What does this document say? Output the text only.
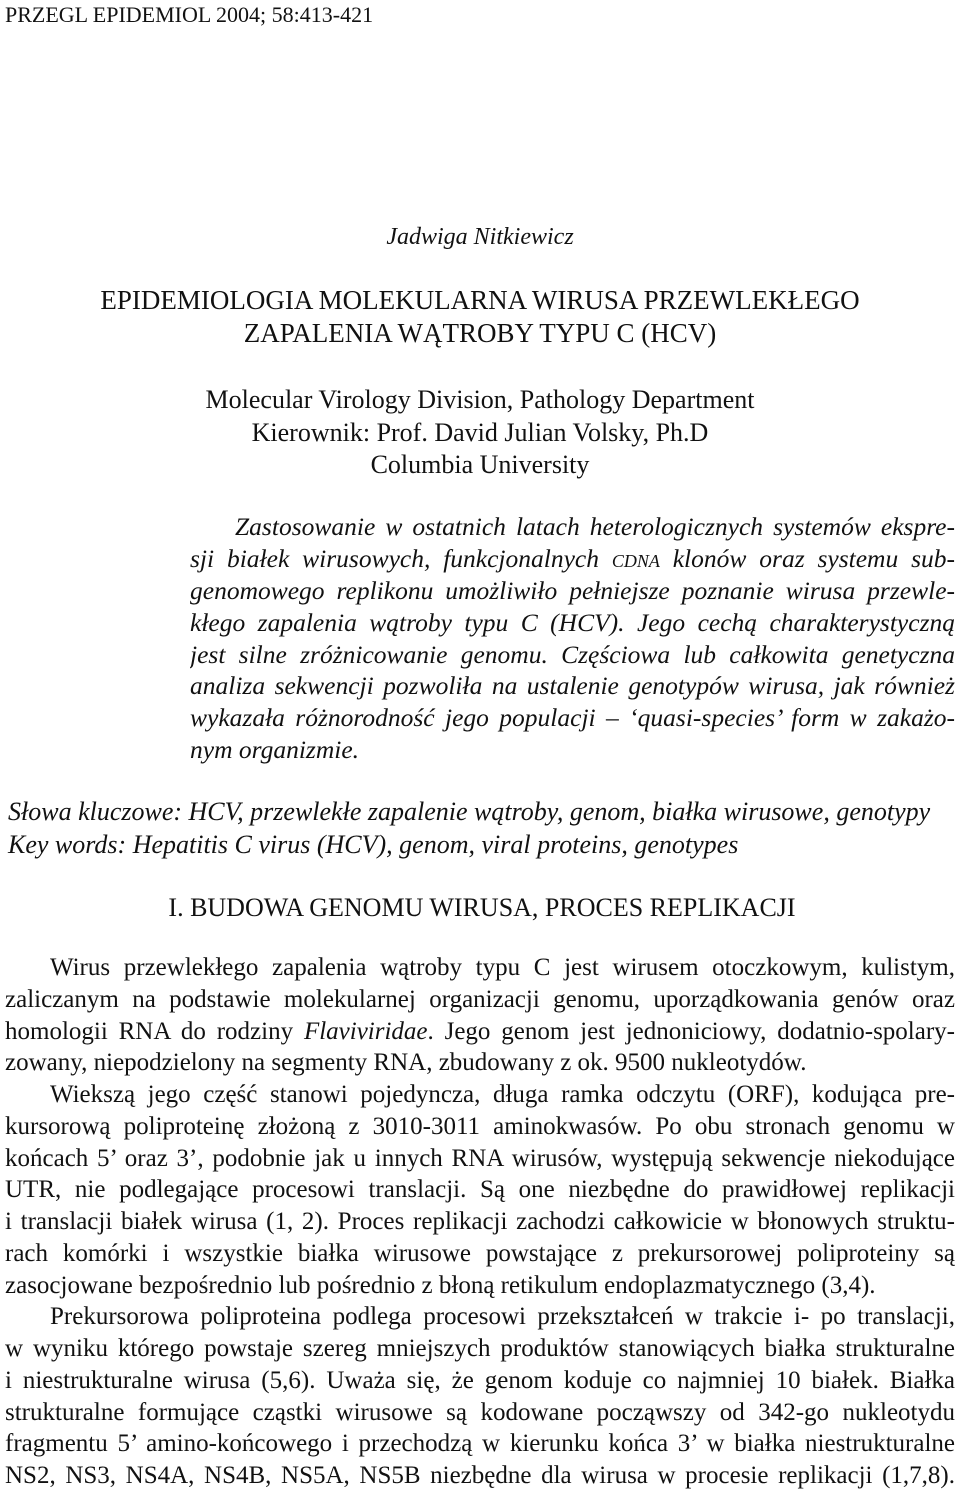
PRZEGL EPIDEMIOL 2004; 58:413-421
Jadwiga Nitkiewicz
EPIDEMIOLOGIA MOLEKULARNA WIRUSA PRZEWLEKŁEGO
ZAPALENIA WĄTROBY TYPU C (HCV)
Molecular Virology Division, Pathology Department
Kierownik: Prof. David Julian Volsky, Ph.D
Columbia University
Zastosowanie w ostatnich latach heterologicznych systemów ekspre-
sji białek wirusowych, funkcjonalnych cdna klonów oraz systemu sub-
genomowego replikonu umożliwiło pełniejsze poznanie wirusa przewle-
kłego zapalenia wątroby typu C (HCV). Jego cechą charakterystyczną
jest silne zróżnicowanie genomu. Częściowa lub całkowita genetyczna
analiza sekwencji pozwoliła na ustalenie genotypów wirusa, jak również
wykazała różnorodność jego populacji – ‘quasi-species’ form w zakażo-
nym organizmie.
Słowa kluczowe: HCV, przewlekłe zapalenie wątroby, genom, białka wirusowe, genotypy
Key words: Hepatitis C virus (HCV), genom, viral proteins, genotypes
I. BUDOWA GENOMU WIRUSA, PROCES REPLIKACJI
Wirus przewlekłego zapalenia wątroby typu C jest wirusem otoczkowym, kulistym,
zaliczanym na podstawie molekularnej organizacji genomu, uporządkowania genów oraz
homologii RNA do rodziny Flaviviridae. Jego genom jest jednoniciowy, dodatnio-spolary-
zowany, niepodzielony na segmenty RNA, zbudowany z ok. 9500 nukleotydów.
Wiekszą jego część stanowi pojedyncza, długa ramka odczytu (ORF), kodująca pre-
kursorową poliproteinę złożoną z 3010-3011 aminokwasów. Po obu stronach genomu w
końcach 5’ oraz 3’, podobnie jak u innych RNA wirusów, występują sekwencje niekodujące
UTR, nie podlegające procesowi translacji. Są one niezbędne do prawidłowej replikacji
i translacji białek wirusa (1, 2). Proces replikacji zachodzi całkowicie w błonowych struktu-
rach komórki i wszystkie białka wirusowe powstające z prekursorowej poliproteiny są
zasocjowane bezpośrednio lub pośrednio z błoną retikulum endoplazmatycznego (3,4).
Prekursorowa poliproteina podlega procesowi przekształceń w trakcie i- po translacji,
w wyniku którego powstaje szereg mniejszych produktów stanowiących białka strukturalne
i niestrukturalne wirusa (5,6). Uważa się, że genom koduje co najmniej 10 białek. Białka
strukturalne formujące cząstki wirusowe są kodowane począwszy od 342-go nukleotydu
fragmentu 5’ amino-końcowego i przechodzą w kierunku końca 3’ w białka niestrukturalne
NS2, NS3, NS4A, NS4B, NS5A, NS5B niezbędne dla wirusa w procesie replikacji (1,7,8).
